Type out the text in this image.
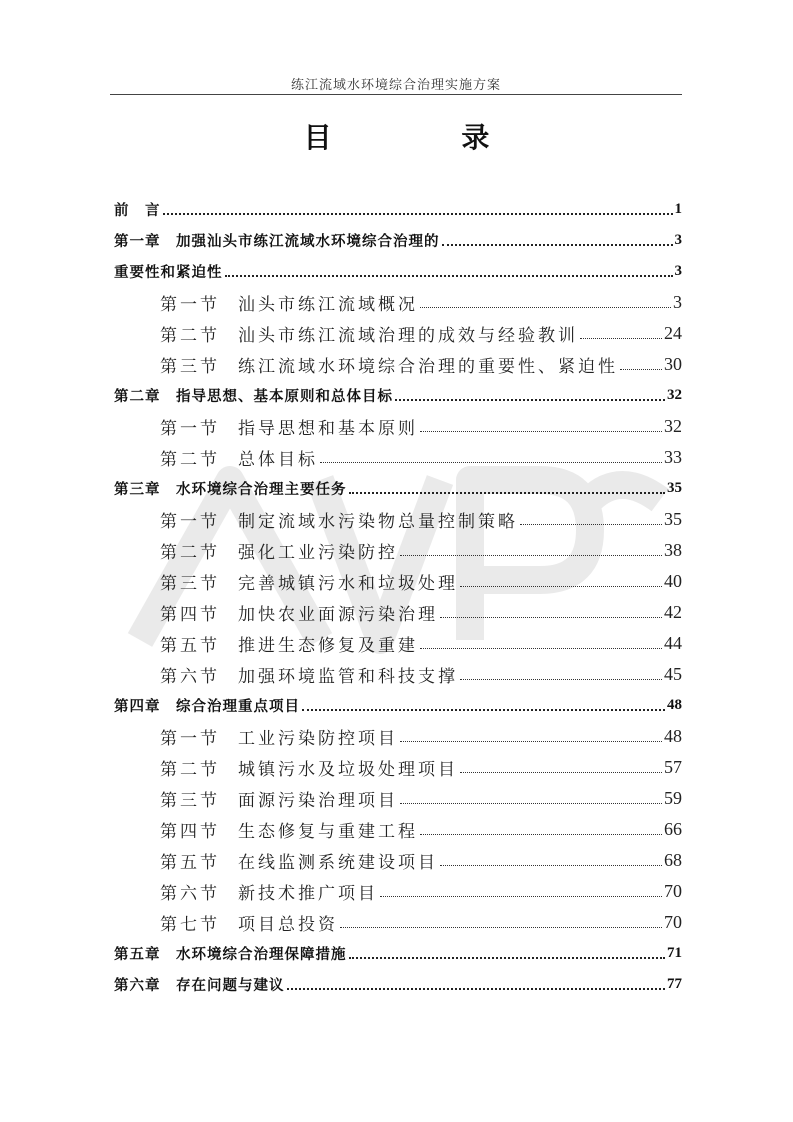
练江流域水环境综合治理实施方案
目 录
前　言	1
第一章　加强汕头市练江流域水环境综合治理的	3
重要性和紧迫性	3
第一节 汕头市练江流域概况	3
第二节 汕头市练江流域治理的成效与经验教训	24
第三节 练江流域水环境综合治理的重要性、紧迫性	30
第二章　指导思想、基本原则和总体目标	32
第一节 指导思想和基本原则	32
第二节 总体目标	33
第三章　水环境综合治理主要任务	35
第一节 制定流域水污染物总量控制策略	35
第二节 强化工业污染防控	38
第三节 完善城镇污水和垃圾处理	40
第四节 加快农业面源污染治理	42
第五节 推进生态修复及重建	44
第六节 加强环境监管和科技支撑	45
第四章　综合治理重点项目	48
第一节 工业污染防控项目	48
第二节 城镇污水及垃圾处理项目	57
第三节 面源污染治理项目	59
第四节 生态修复与重建工程	66
第五节 在线监测系统建设项目	68
第六节 新技术推广项目	70
第七节 项目总投资	70
第五章　水环境综合治理保障措施	71
第六章　存在问题与建议	77
